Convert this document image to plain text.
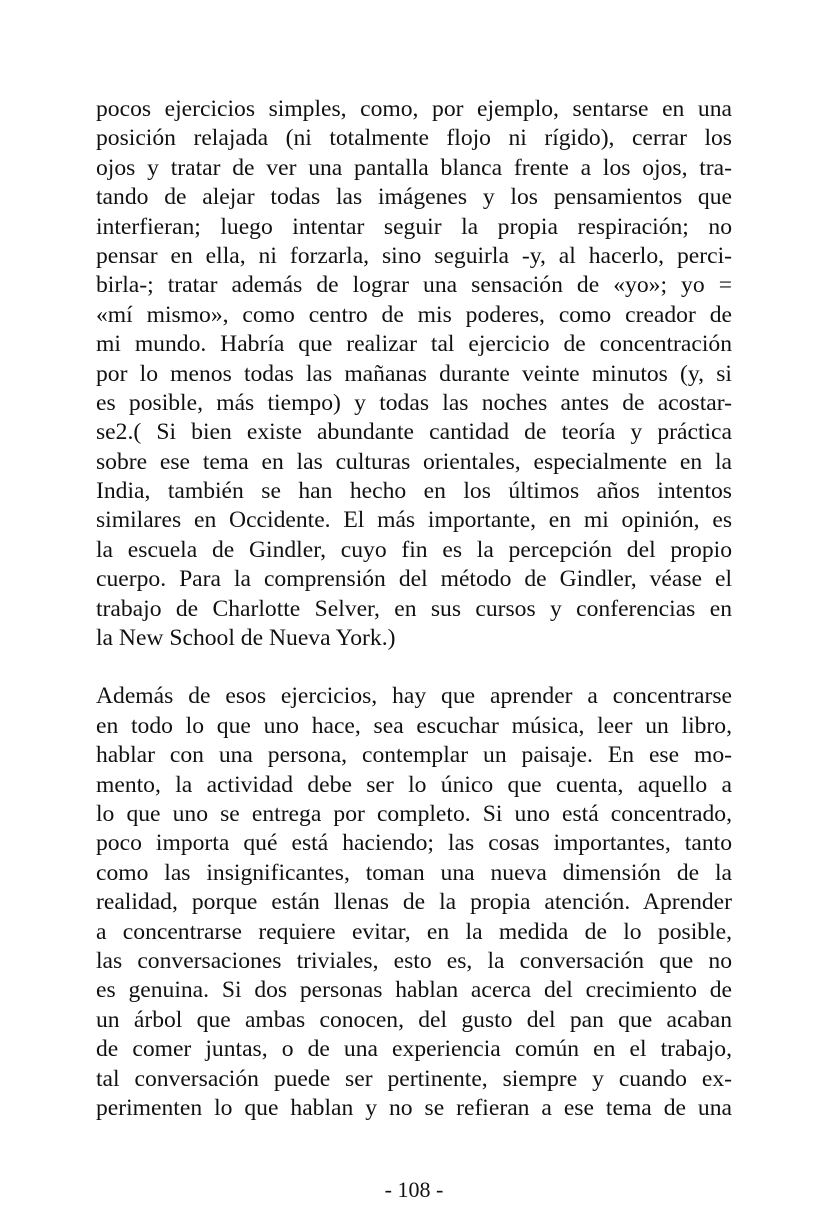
pocos ejercicios simples, como, por ejemplo, sentarse en una
posición relajada (ni totalmente flojo ni rígido), cerrar los
ojos y tratar de ver una pantalla blanca frente a los ojos, tra-
tando de alejar todas las imágenes y los pensamientos que
interfieran; luego intentar seguir la propia respiración; no
pensar en ella, ni forzarla, sino seguirla -y, al hacerlo, perci-
birla-; tratar además de lograr una sensación de «yo»; yo =
«mí mismo», como centro de mis poderes, como creador de
mi mundo. Habría que realizar tal ejercicio de concentración
por lo menos todas las mañanas durante veinte minutos (y, si
es posible, más tiempo) y todas las noches antes de acostar-
se2.( Si bien existe abundante cantidad de teoría y práctica
sobre ese tema en las culturas orientales, especialmente en la
India, también se han hecho en los últimos años intentos
similares en Occidente. El más importante, en mi opinión, es
la escuela de Gindler, cuyo fin es la percepción del propio
cuerpo. Para la comprensión del método de Gindler, véase el
trabajo de Charlotte Selver, en sus cursos y conferencias en
la New School de Nueva York.)
Además de esos ejercicios, hay que aprender a concentrarse
en todo lo que uno hace, sea escuchar música, leer un libro,
hablar con una persona, contemplar un paisaje. En ese mo-
mento, la actividad debe ser lo único que cuenta, aquello a
lo que uno se entrega por completo. Si uno está concentrado,
poco importa qué está haciendo; las cosas importantes, tanto
como las insignificantes, toman una nueva dimensión de la
realidad, porque están llenas de la propia atención. Aprender
a concentrarse requiere evitar, en la medida de lo posible,
las conversaciones triviales, esto es, la conversación que no
es genuina. Si dos personas hablan acerca del crecimiento de
un árbol que ambas conocen, del gusto del pan que acaban
de comer juntas, o de una experiencia común en el trabajo,
tal conversación puede ser pertinente, siempre y cuando ex-
perimenten lo que hablan y no se refieran a ese tema de una
- 108 -
